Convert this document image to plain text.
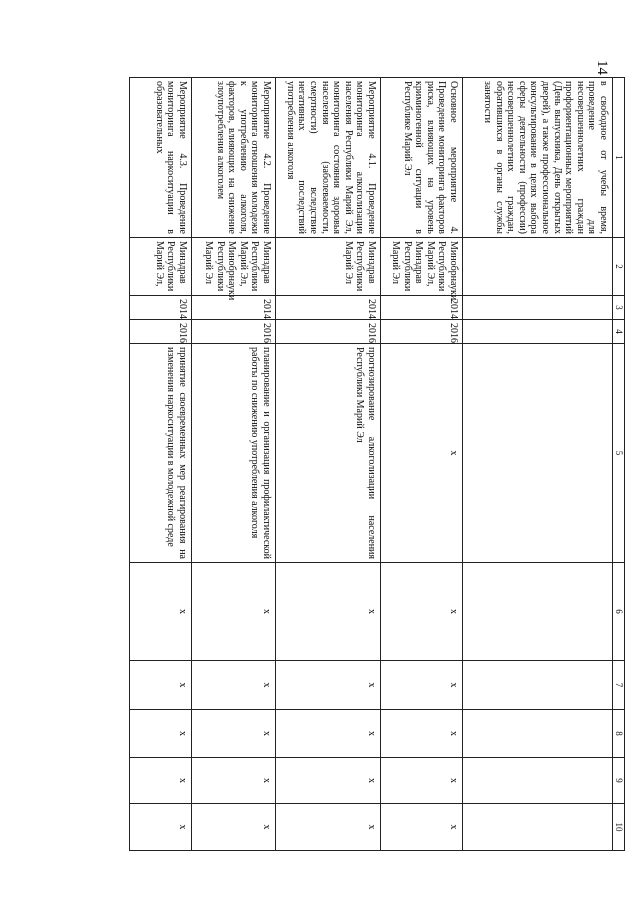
14
1	2	3	4	5	6	7	8	9	10
в свободное от учебы время, проведение для несовершеннолетних граждан профориентационных мероприятий (День выпускника, День открытых дверей), а также профессиональное консультирование в целях выбора сферы деятельности (профессии) несовершеннолетних граждан, обратившихся в органы службы занятости									
Основное мероприятие 4. Проведение мониторинга факторов риска, влияющих на уровень криминогенной ситуации в Республике Марий Эл	Минобрнауки Республики Марий Эл, Минздрав Республики Марий Эл	2014	2016	х	х	х	х	х	х
Мероприятие 4.1. Проведение мониторинга алкоголизации населения Республики Марий Эл, мониторинга состояния здоровья населения (заболеваемости, смертности) вследствие негативных последствий употребления алкоголя	Минздрав Республики Марий Эл	2014	2016	прогнозирование алкоголизации населения Республики Марий Эл	х	х	х	х	х
Мероприятие 4.2. Проведение мониторинга отношения молодежи к употреблению алкоголя, факторов, влияющих на снижение злоупотребления алкоголем	Минздрав Республики Марий Эл, Минобрнауки Республики Марий Эл	2014	2016	планирование и организация профилактической работы по снижению употребления алкоголя	х	х	х	х	х
Мероприятие 4.3. Проведение мониторинга наркоситуации в образовательных	Минздрав Республики Марий Эл,	2014	2016	принятие своевременных мер реагирования на изменения наркоситуации в молодежной среде	х	х	х	х	х
